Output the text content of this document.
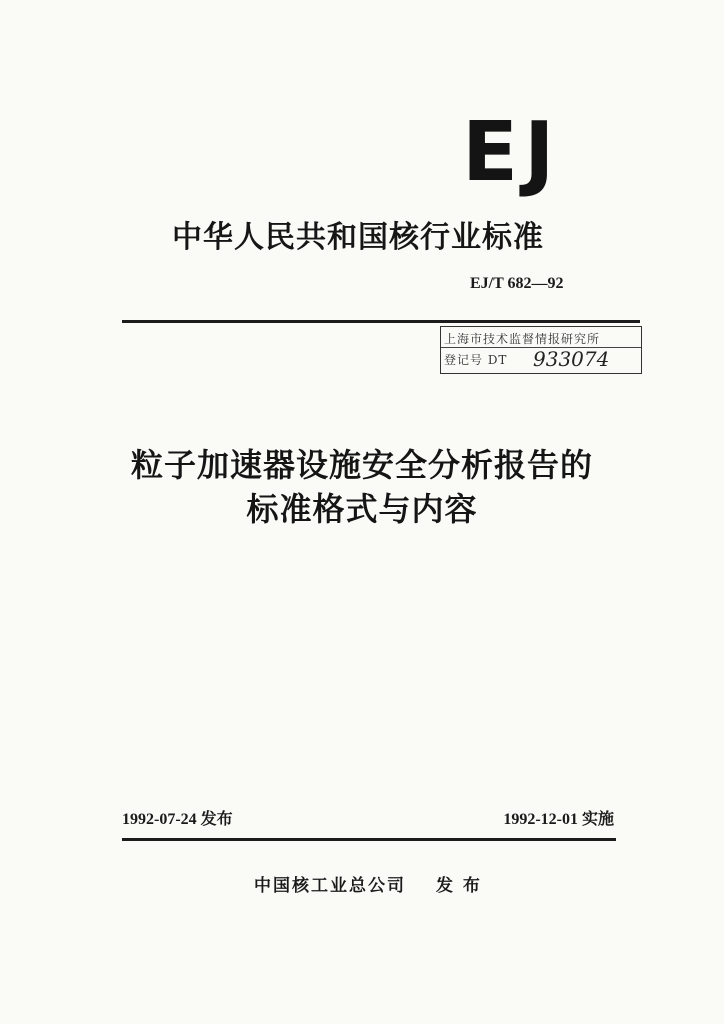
EJ
中华人民共和国核行业标准
EJ/T 682—92
上海市技术监督情报研究所
登记号 DT 933074
粒子加速器设施安全分析报告的
标准格式与内容
1992-07-24 发布	1992-12-01 实施
中国核工业总公司 发 布
